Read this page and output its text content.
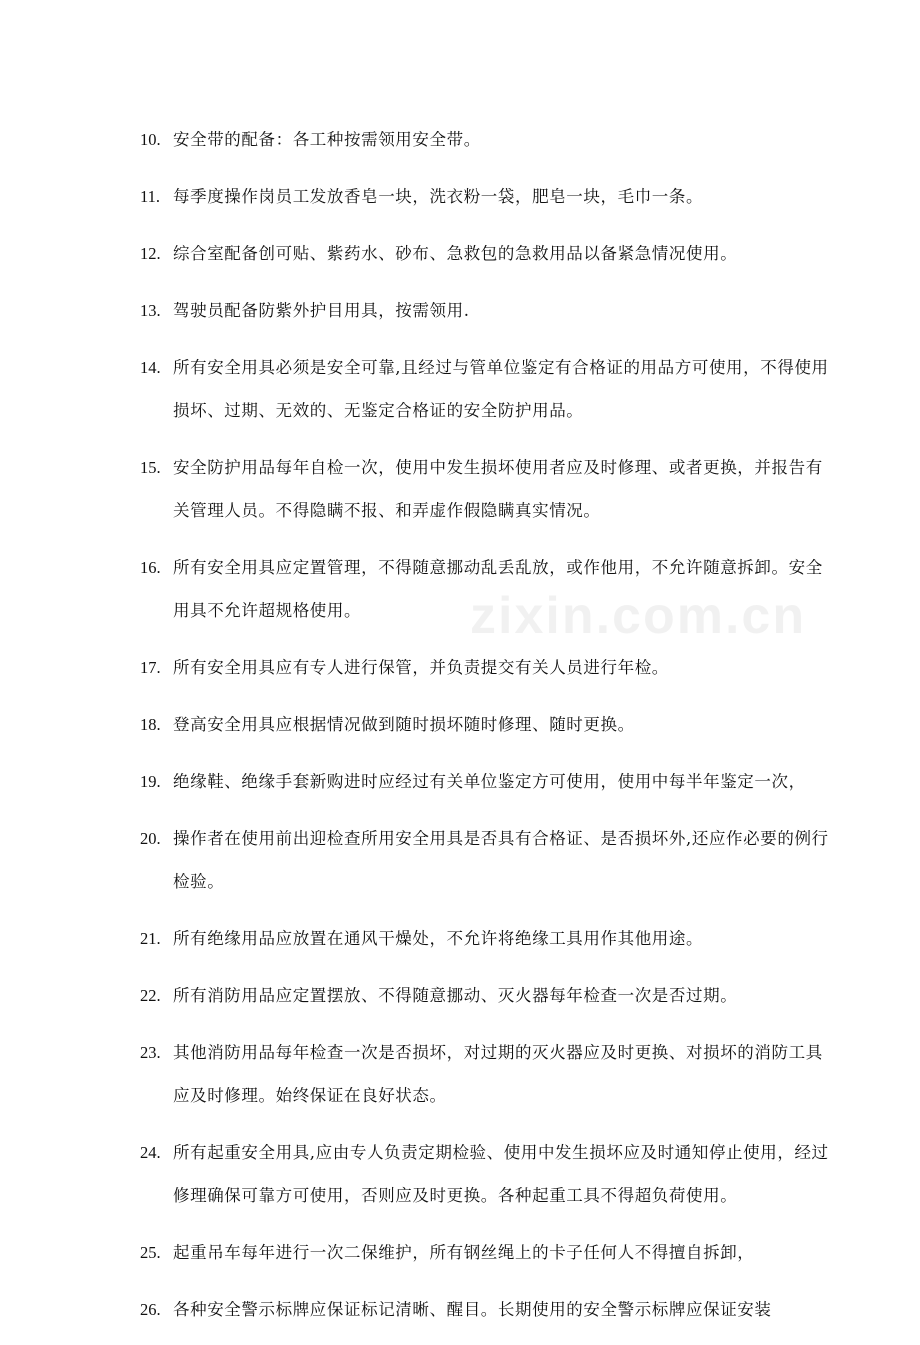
zixin.com.cn
10. 安全带的配备：各工种按需领用安全带。
11. 每季度操作岗员工发放香皂一块，洗衣粉一袋，肥皂一块，毛巾一条。
12. 综合室配备创可贴、紫药水、砂布、急救包的急救用品以备紧急情况使用。
13. 驾驶员配备防紫外护目用具，按需领用.
14. 所有安全用具必须是安全可靠,且经过与管单位鉴定有合格证的用品方可使用，不得使用损坏、过期、无效的、无鉴定合格证的安全防护用品。
15. 安全防护用品每年自检一次，使用中发生损坏使用者应及时修理、或者更换，并报告有关管理人员。不得隐瞒不报、和弄虚作假隐瞒真实情况。
16. 所有安全用具应定置管理，不得随意挪动乱丢乱放，或作他用，不允许随意拆卸。安全用具不允许超规格使用。
17. 所有安全用具应有专人进行保管，并负责提交有关人员进行年检。
18. 登高安全用具应根据情况做到随时损坏随时修理、随时更换。
19. 绝缘鞋、绝缘手套新购进时应经过有关单位鉴定方可使用，使用中每半年鉴定一次，
20. 操作者在使用前出迎检查所用安全用具是否具有合格证、是否损坏外,还应作必要的例行检验。
21. 所有绝缘用品应放置在通风干燥处，不允许将绝缘工具用作其他用途。
22. 所有消防用品应定置摆放、不得随意挪动、灭火器每年检查一次是否过期。
23. 其他消防用品每年检查一次是否损坏，对过期的灭火器应及时更换、对损坏的消防工具应及时修理。始终保证在良好状态。
24. 所有起重安全用具,应由专人负责定期检验、使用中发生损坏应及时通知停止使用，经过修理确保可靠方可使用，否则应及时更换。各种起重工具不得超负荷使用。
25. 起重吊车每年进行一次二保维护，所有钢丝绳上的卡子任何人不得擅自拆卸，
26. 各种安全警示标牌应保证标记清晰、醒目。长期使用的安全警示标牌应保证安装
